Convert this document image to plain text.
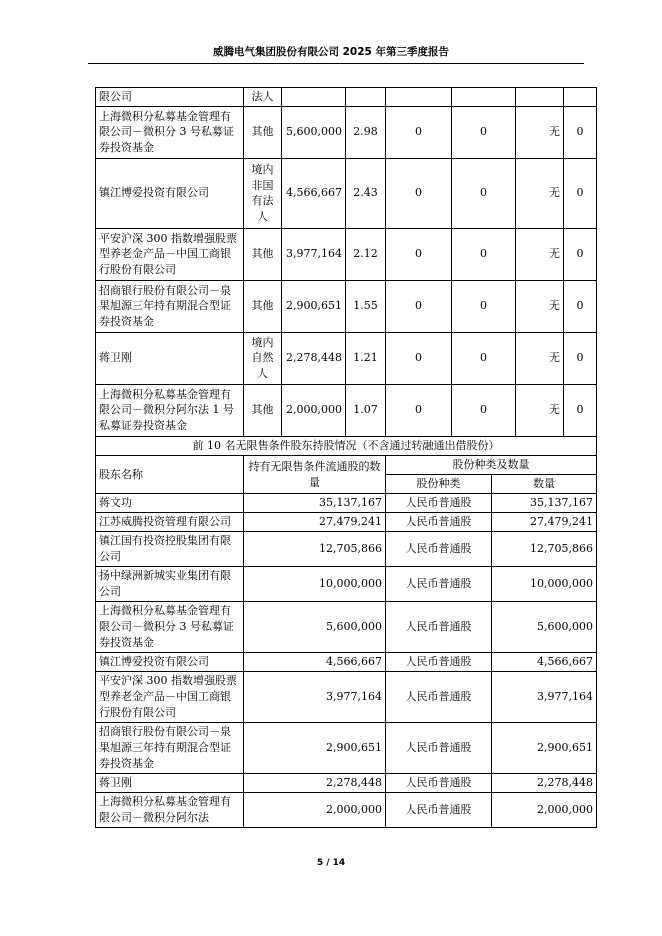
威腾电气集团股份有限公司 2025 年第三季度报告
限公司	法人						
上海微积分私募基金管理有限公司－微积分 3 号私募证券投资基金	其他	5,600,000	2.98	0	0	无	0
镇江博爱投资有限公司	境内非国有法人	4,566,667	2.43	0	0	无	0
平安沪深 300 指数增强股票型养老金产品－中国工商银行股份有限公司	其他	3,977,164	2.12	0	0	无	0
招商银行股份有限公司－泉果旭源三年持有期混合型证券投资基金	其他	2,900,651	1.55	0	0	无	0
蒋卫刚	境内自然人	2,278,448	1.21	0	0	无	0
上海微积分私募基金管理有限公司－微积分阿尔法 1 号私募证券投资基金	其他	2,000,000	1.07	0	0	无	0
前 10 名无限售条件股东持股情况（不含通过转融通出借股份）			
股东名称	持有无限售条件流通股的数量	股份种类及数量	
		股份种类	数量
蒋文功	35,137,167	人民币普通股	35,137,167
江苏威腾投资管理有限公司	27,479,241	人民币普通股	27,479,241
镇江国有投资控股集团有限公司	12,705,866	人民币普通股	12,705,866
扬中绿洲新城实业集团有限公司	10,000,000	人民币普通股	10,000,000
上海微积分私募基金管理有限公司－微积分 3 号私募证券投资基金	5,600,000	人民币普通股	5,600,000
镇江博爱投资有限公司	4,566,667	人民币普通股	4,566,667
平安沪深 300 指数增强股票型养老金产品－中国工商银行股份有限公司	3,977,164	人民币普通股	3,977,164
招商银行股份有限公司－泉果旭源三年持有期混合型证券投资基金	2,900,651	人民币普通股	2,900,651
蒋卫刚	2,278,448	人民币普通股	2,278,448
上海微积分私募基金管理有限公司－微积分阿尔法	2,000,000	人民币普通股	2,000,000
5 / 14
